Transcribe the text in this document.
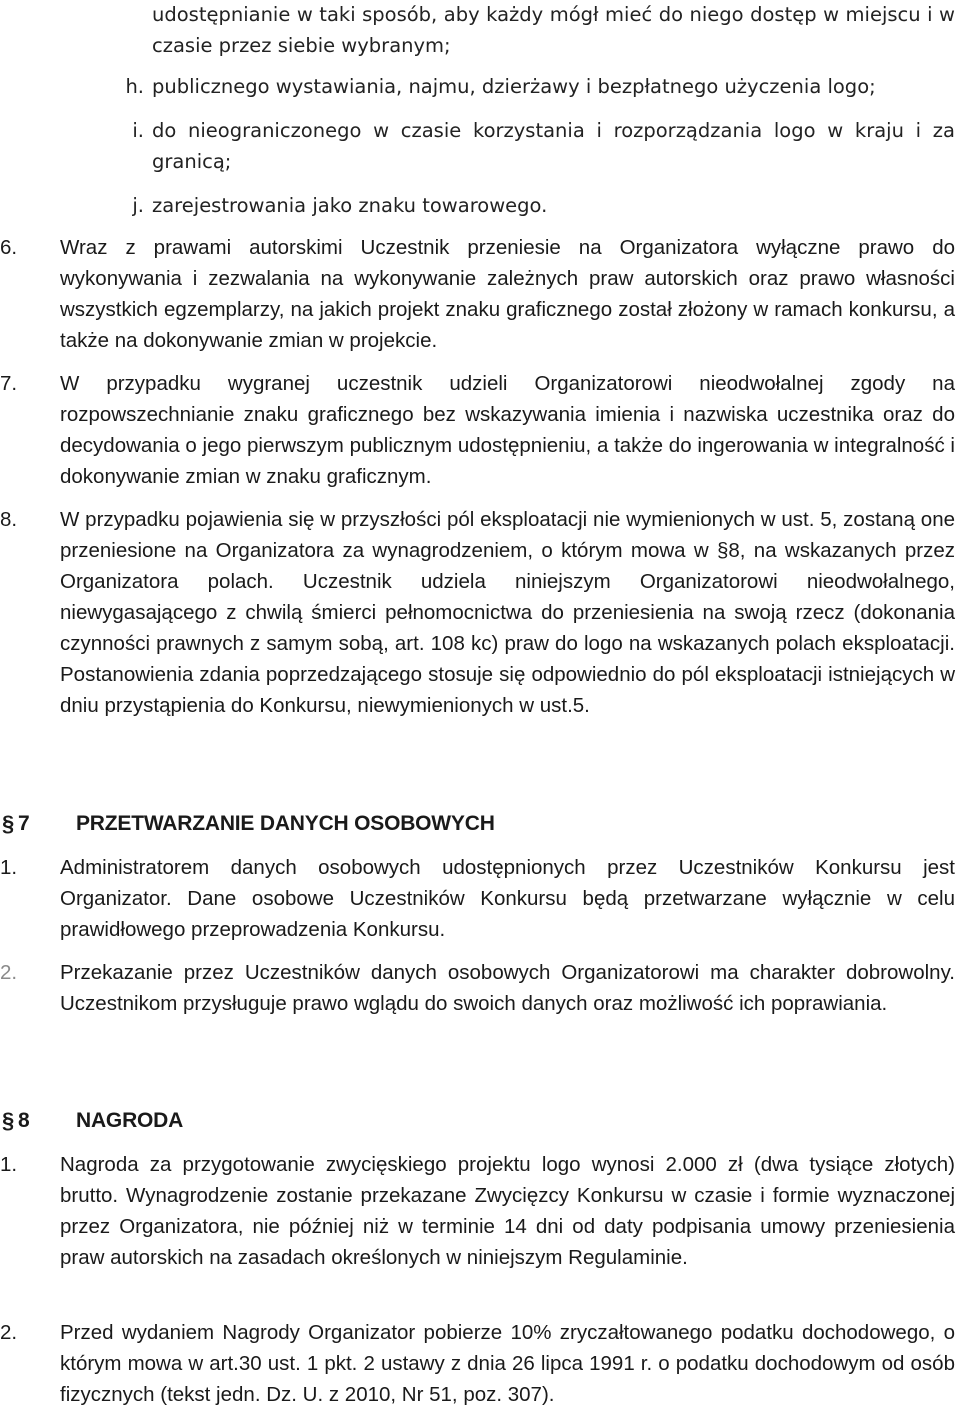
udostępnianie w taki sposób, aby każdy mógł mieć do niego dostęp w miejscu i w czasie przez siebie wybranym;
h. publicznego wystawiania, najmu, dzierżawy i bezpłatnego użyczenia logo;
i. do nieograniczonego w czasie korzystania i rozporządzania logo w kraju i za granicą;
j. zarejestrowania jako znaku towarowego.
6.	Wraz z prawami autorskimi Uczestnik przeniesie na Organizatora wyłączne prawo do wykonywania i zezwalania na wykonywanie zależnych praw autorskich oraz prawo własności wszystkich egzemplarzy, na jakich projekt znaku graficznego został złożony w ramach konkursu, a także na dokonywanie zmian w projekcie.
7.	W przypadku wygranej uczestnik udzieli Organizatorowi nieodwołalnej zgody na rozpowszechnianie znaku graficznego bez wskazywania imienia i nazwiska uczestnika oraz do decydowania o jego pierwszym publicznym udostępnieniu, a także do ingerowania w integralność i dokonywanie zmian w znaku graficznym.
8.	W przypadku pojawienia się w przyszłości pól eksploatacji nie wymienionych w ust. 5, zostaną one przeniesione na Organizatora za wynagrodzeniem, o którym mowa w §8, na wskazanych przez Organizatora polach. Uczestnik udziela niniejszym Organizatorowi nieodwołalnego, niewygasającego z chwilą śmierci pełnomocnictwa do przeniesienia na swoją rzecz (dokonania czynności prawnych z samym sobą, art. 108 kc) praw do logo na wskazanych polach eksploatacji. Postanowienia zdania poprzedzającego stosuje się odpowiednio do pól eksploatacji istniejących w dniu przystąpienia do Konkursu, niewymienionych w ust.5.
§ 7 PRZETWARZANIE DANYCH OSOBOWYCH
1.	Administratorem danych osobowych udostępnionych przez Uczestników Konkursu jest Organizator. Dane osobowe Uczestników Konkursu będą przetwarzane wyłącznie w celu prawidłowego przeprowadzenia Konkursu.
2.	Przekazanie przez Uczestników danych osobowych Organizatorowi ma charakter dobrowolny. Uczestnikom przysługuje prawo wglądu do swoich danych oraz możliwość ich poprawiania.
§ 8 NAGRODA
1.	Nagroda za przygotowanie zwycięskiego projektu logo wynosi 2.000 zł (dwa tysiące złotych) brutto. Wynagrodzenie zostanie przekazane Zwycięzcy Konkursu w czasie i formie wyznaczonej przez Organizatora, nie później niż w terminie 14 dni od daty podpisania umowy przeniesienia praw autorskich na zasadach określonych w niniejszym Regulaminie.
2.	Przed wydaniem Nagrody Organizator pobierze 10% zryczałtowanego podatku dochodowego, o którym mowa w art.30 ust. 1 pkt. 2 ustawy z dnia 26 lipca 1991 r. o podatku dochodowym od osób fizycznych (tekst jedn. Dz. U. z 2010, Nr 51, poz. 307).
